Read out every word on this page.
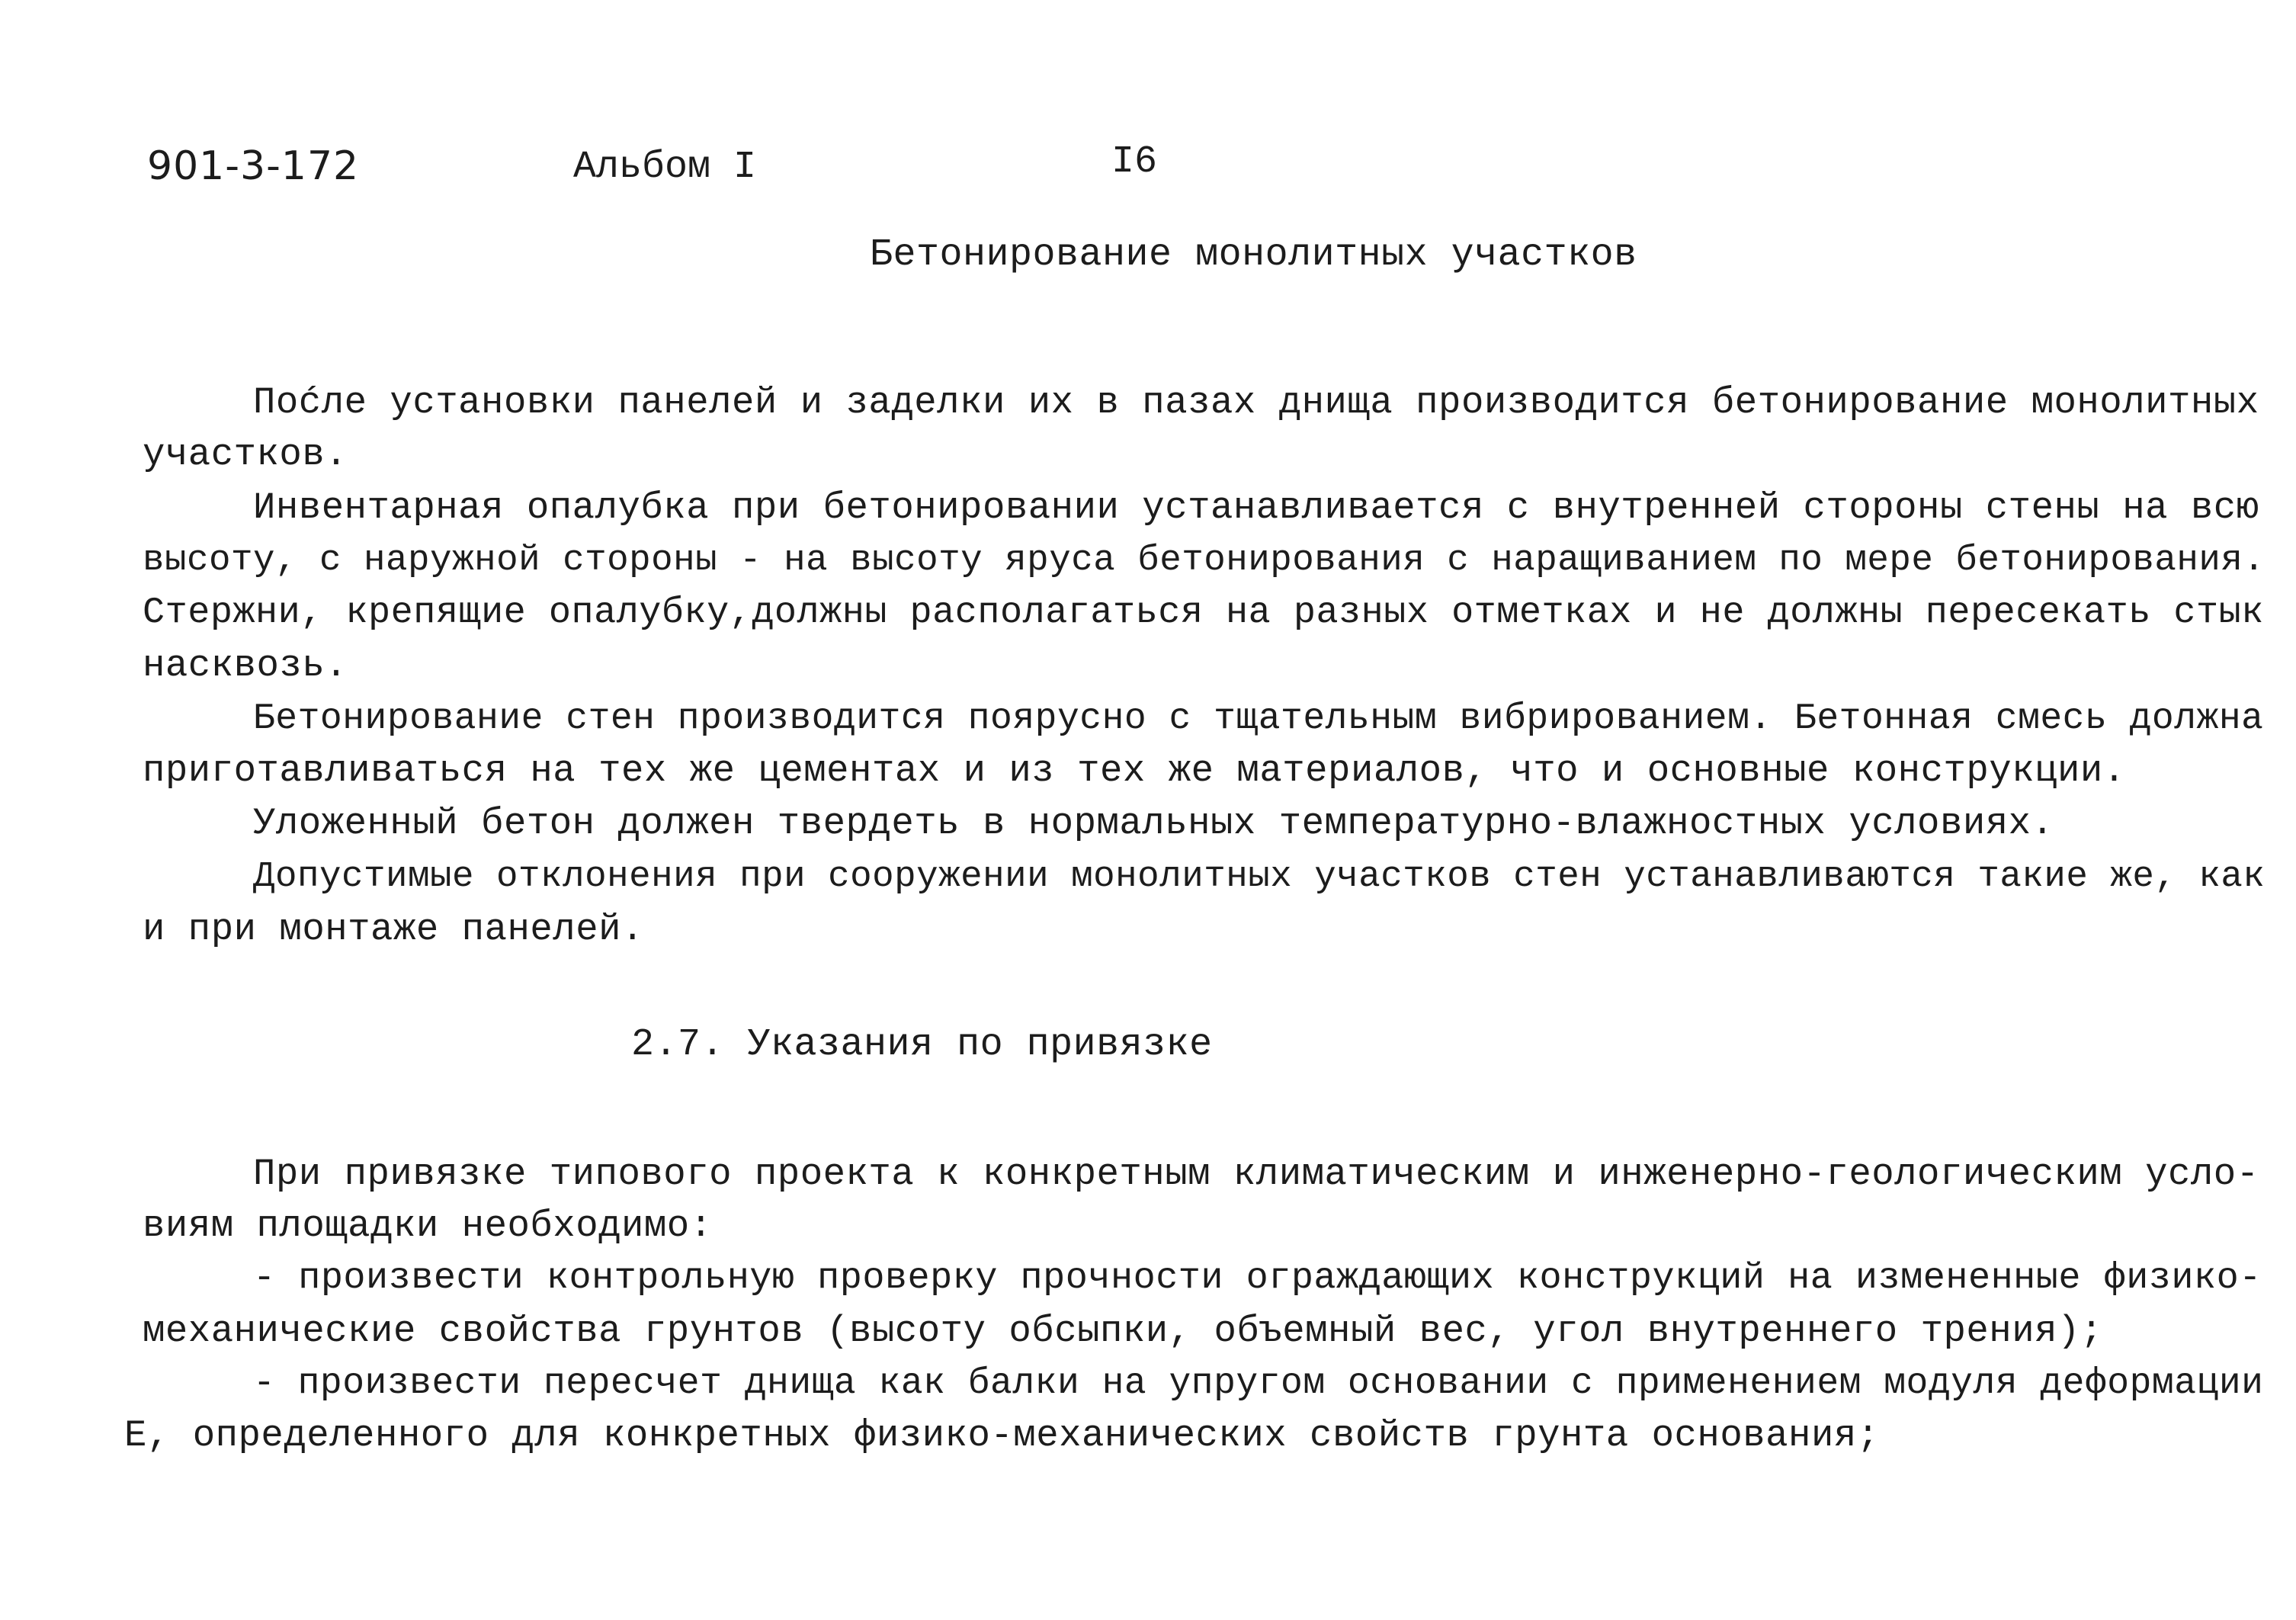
901-3-172	Альбом I	I6
Бетонирование монолитных участков
Поćле установки панелей и заделки их в пазах днища производится бетонирование монолитных
участков.
Инвентарная опалубка при бетонировании устанавливается с внутренней стороны стены на всю
высоту, с наружной стороны - на высоту яруса бетонирования с наращиванием по мере бетонирования.
Стержни, крепящие опалубку,должны располагаться на разных отметках и не должны пересекать стык
насквозь.
Бетонирование стен производится поярусно с тщательным вибрированием. Бетонная смесь должна
приготавливаться на тех же цементах и из тех же материалов, что и основные конструкции.
Уложенный бетон должен твердеть в нормальных температурно-влажностных условиях.
Допустимые отклонения при сооружении монолитных участков стен устанавливаются такие же, как
и при монтаже панелей.
2.7. Указания по привязке
При привязке типового проекта к конкретным климатическим и инженерно-геологическим усло-
виям площадки необходимо:
- произвести контрольную проверку прочности ограждающих конструкций на измененные физико-
механические свойства грунтов (высоту обсыпки, объемный вес, угол внутреннего трения);
- произвести пересчет днища как балки на упругом основании с применением модуля деформации
E, определенного для конкретных физико-механических свойств грунта основания;
